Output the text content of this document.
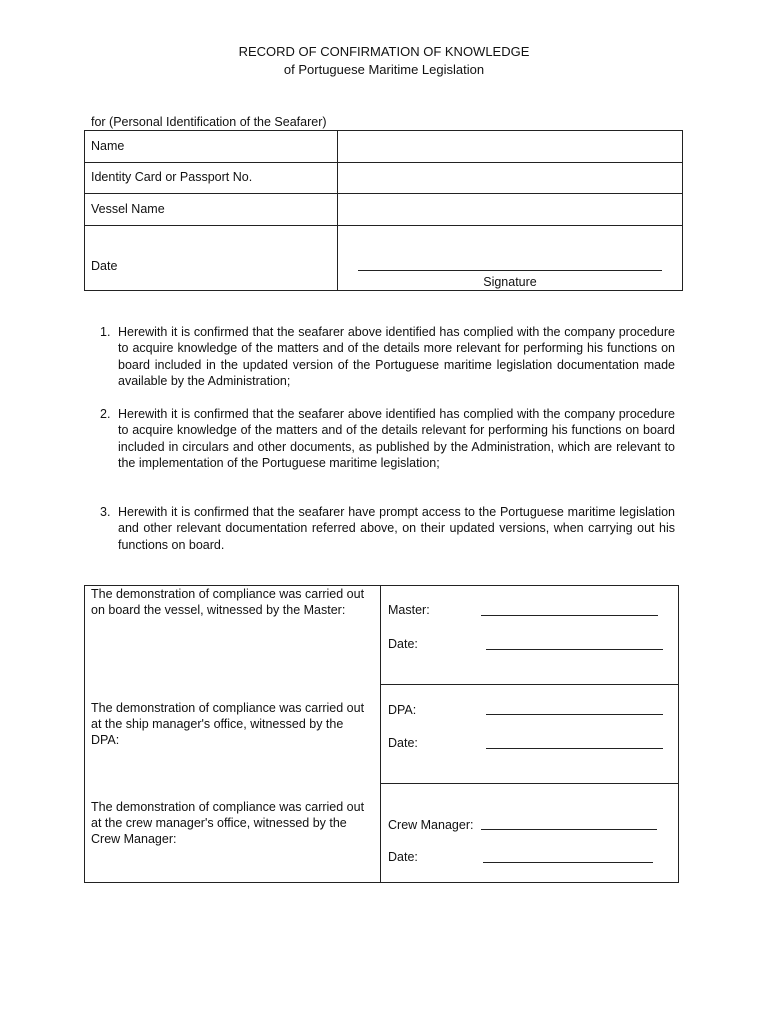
RECORD OF CONFIRMATION OF KNOWLEDGE
of Portuguese Maritime Legislation
for (Personal Identification of the Seafarer)
Name
Identity Card or Passport No.
Vessel Name
Date
Signature
1. Herewith it is confirmed that the seafarer above identified has complied with the company procedure to acquire knowledge of the matters and of the details more relevant for performing his functions on board included in the updated version of the Portuguese maritime legislation documentation made available by the Administration;
2. Herewith it is confirmed that the seafarer above identified has complied with the company procedure to acquire knowledge of the matters and of the details relevant for performing his functions on board included in circulars and other documents, as published by the Administration, which are relevant to the implementation of the Portuguese maritime legislation;
3. Herewith it is confirmed that the seafarer have prompt access to the Portuguese maritime legislation and other relevant documentation referred above, on their updated versions, when carrying out his functions on board.
The demonstration of compliance was carried out on board the vessel, witnessed by the Master:	Master:
Date:
The demonstration of compliance was carried out at the ship manager's office, witnessed by the DPA:
DPA:
Date:
The demonstration of compliance was carried out at the crew manager's office, witnessed by the Crew Manager:
Crew Manager:
Date:
